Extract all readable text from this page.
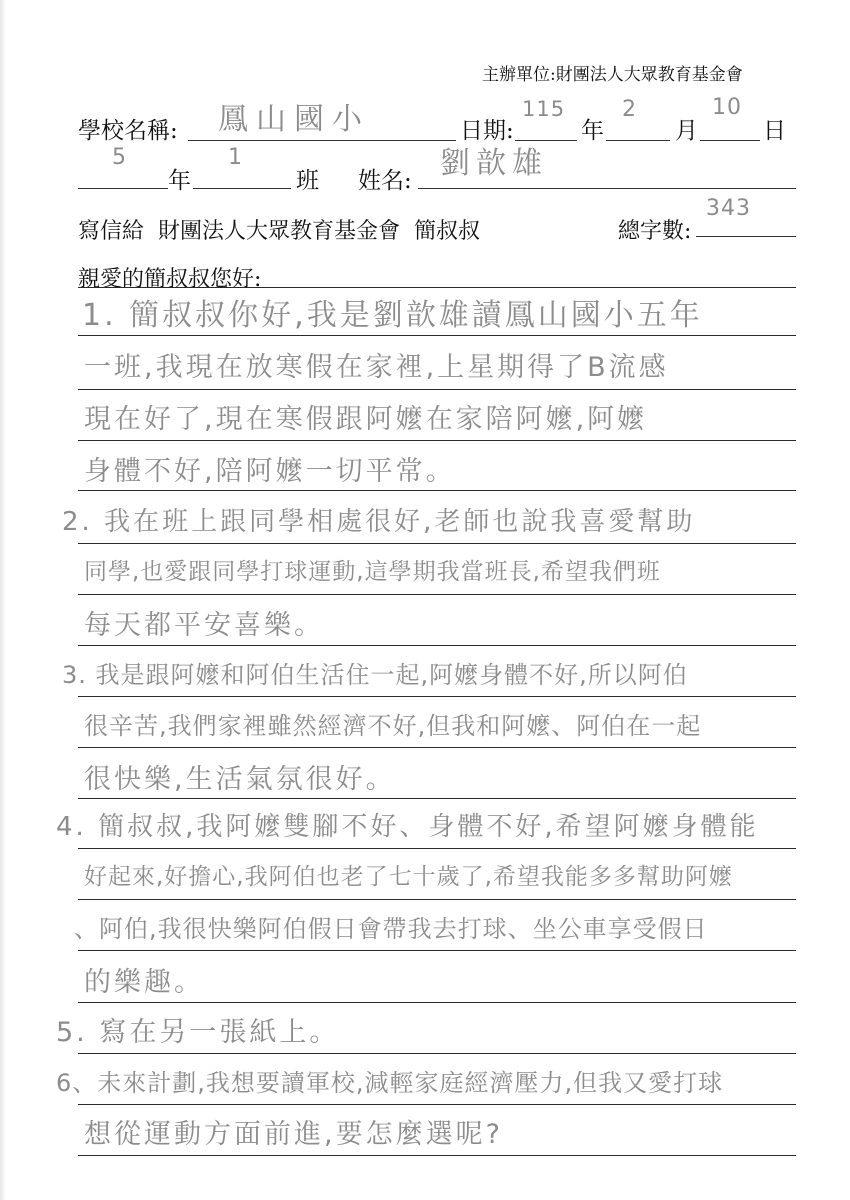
主辦單位:財團法人大眾教育基金會
學校名稱: 鳳山國小	日期:
115
年
2
月
10
日
5
年
1
班 姓名: 劉歆雄
寫信給  財團法人大眾教育基金會  簡叔叔	總字數:
343
親愛的簡叔叔您好:
1. 簡叔叔你好,我是劉歆雄讀鳳山國小五年
一班,我現在放寒假在家裡,上星期得了B流感
現在好了,現在寒假跟阿嬤在家陪阿嬤,阿嬤
身體不好,陪阿嬤一切平常。
2. 我在班上跟同學相處很好,老師也說我喜愛幫助
同學,也愛跟同學打球運動,這學期我當班長,希望我們班
每天都平安喜樂。
3. 我是跟阿嬤和阿伯生活住一起,阿嬤身體不好,所以阿伯
很辛苦,我們家裡雖然經濟不好,但我和阿嬤、阿伯在一起
很快樂,生活氣氛很好。
4. 簡叔叔,我阿嬤雙腳不好、身體不好,希望阿嬤身體能
好起來,好擔心,我阿伯也老了七十歲了,希望我能多多幫助阿嬤
、阿伯,我很快樂阿伯假日會帶我去打球、坐公車享受假日
的樂趣。
5. 寫在另一張紙上。
6、未來計劃,我想要讀軍校,減輕家庭經濟壓力,但我又愛打球
想從運動方面前進,要怎麼選呢?
